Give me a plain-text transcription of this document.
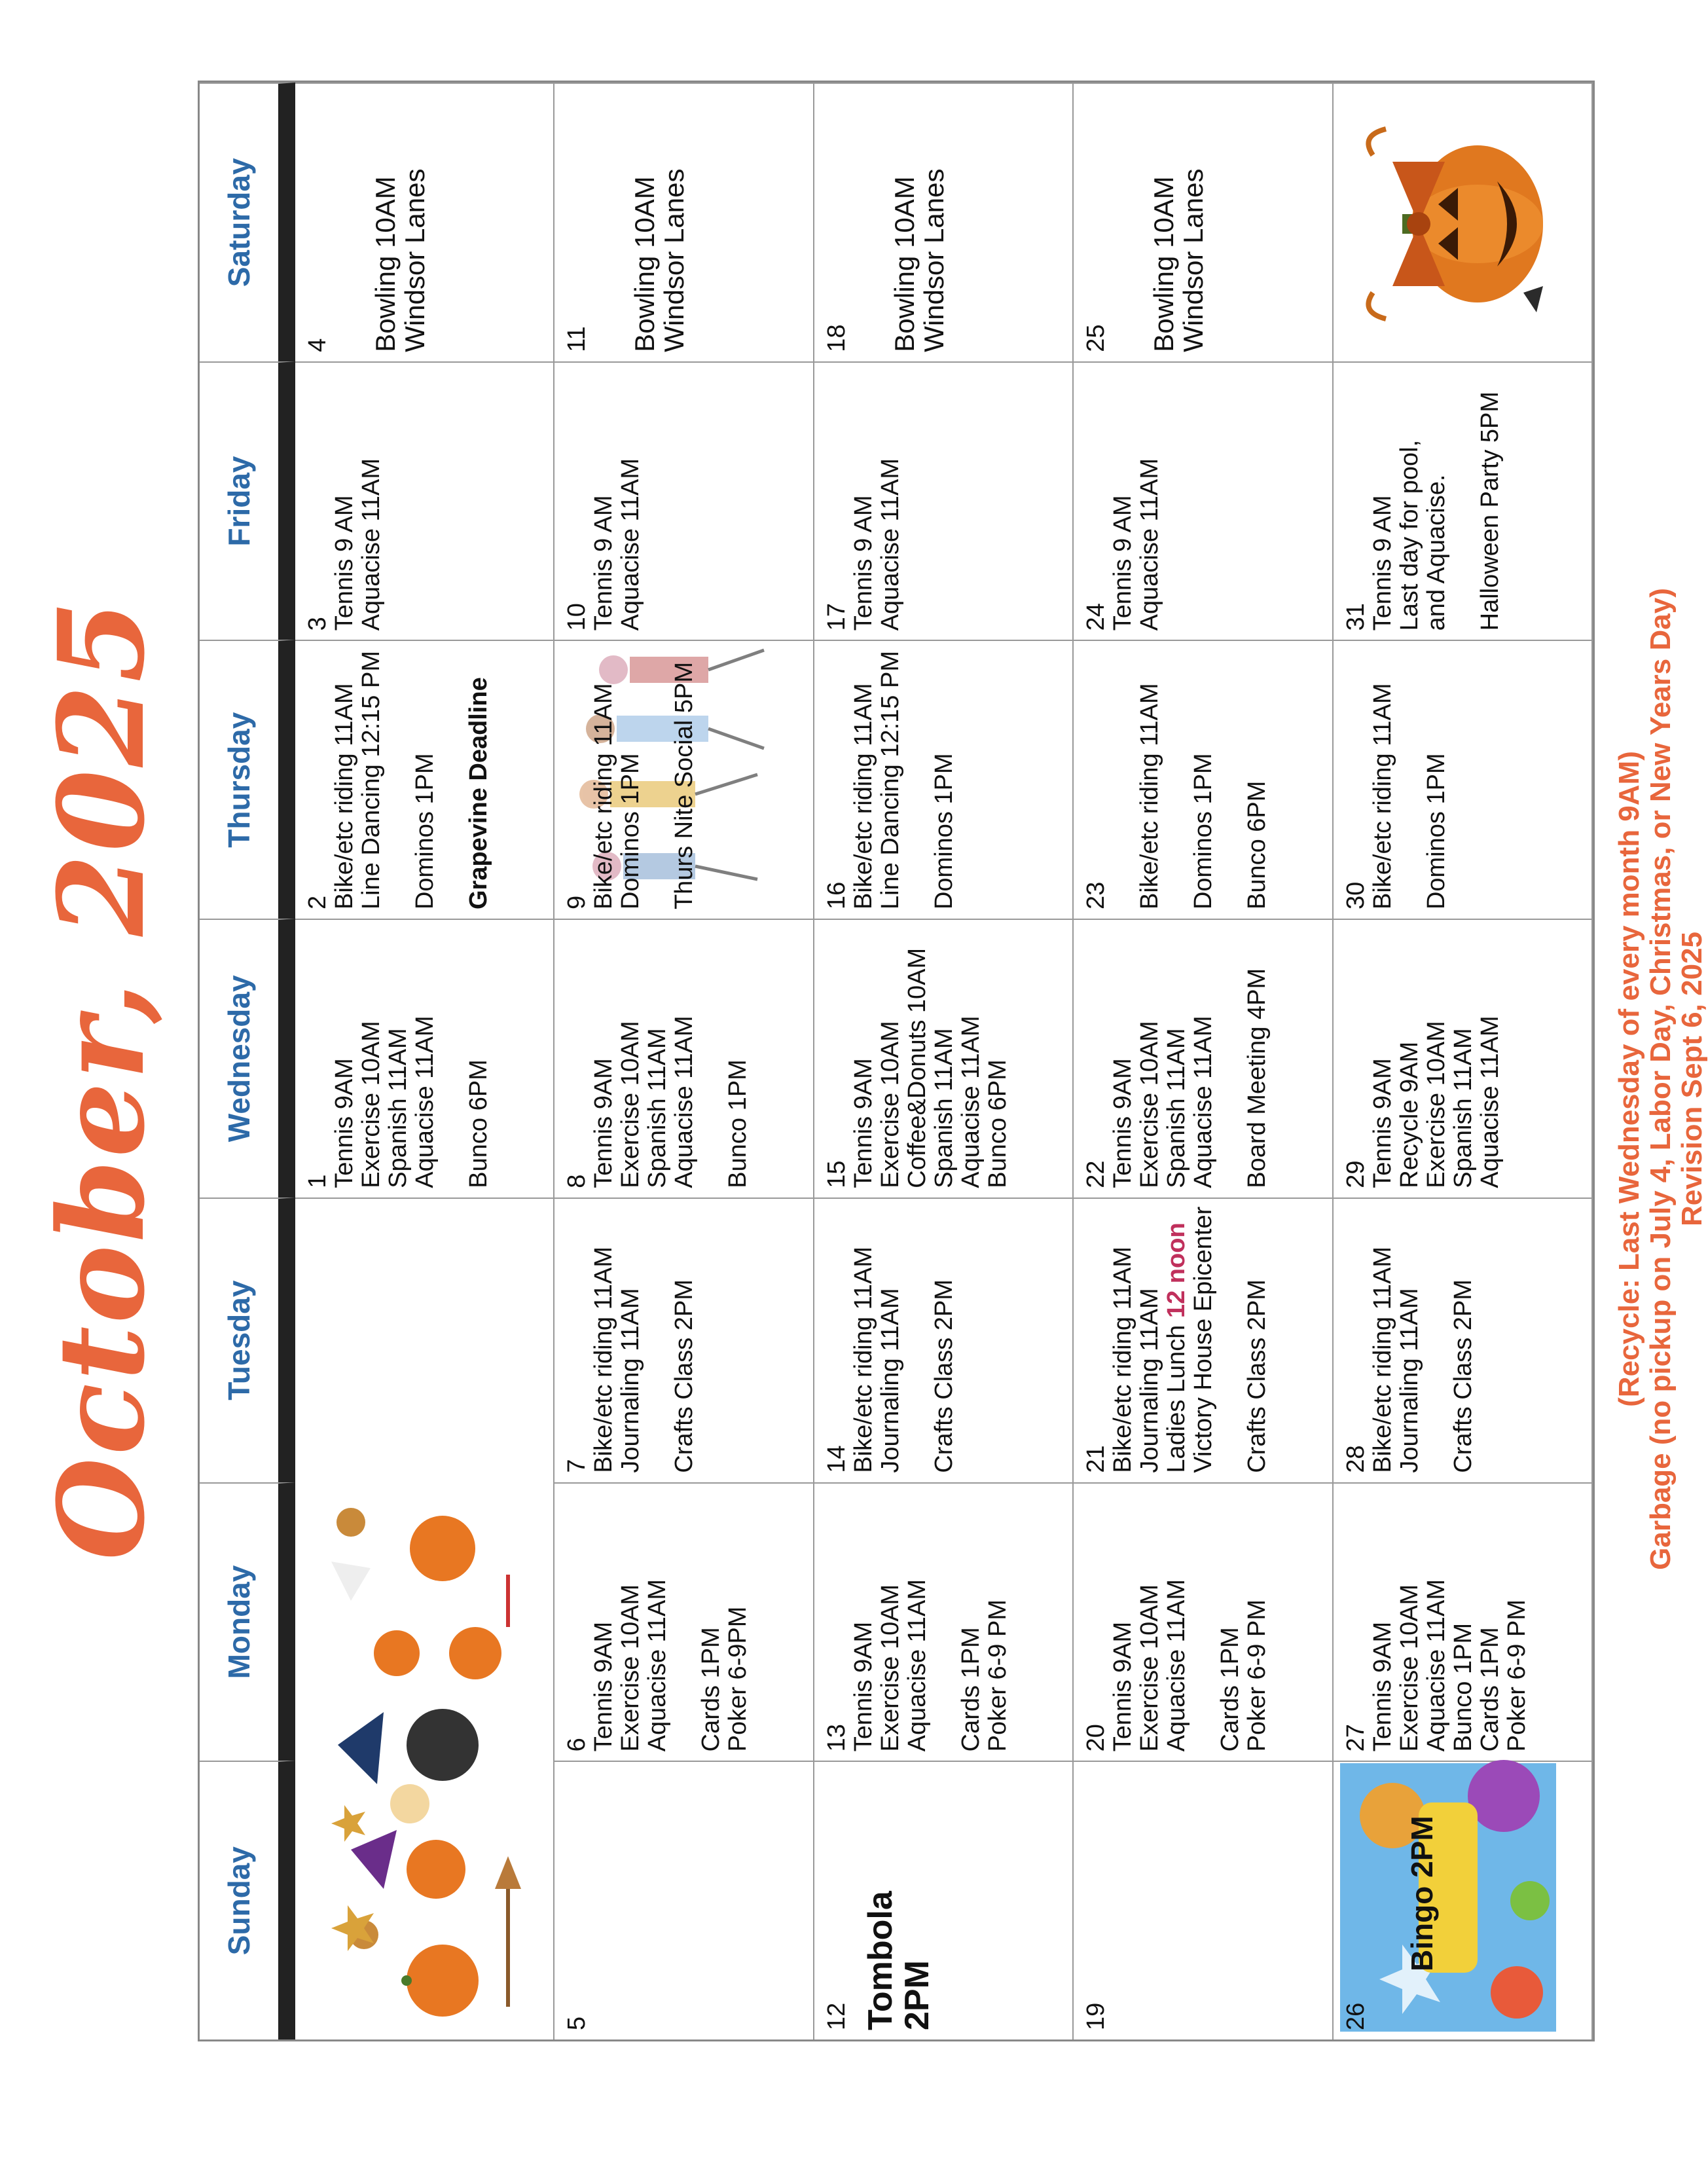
October, 2025
Sunday
Monday
Tuesday
Wednesday
Thursday
Friday
Saturday
1 Tennis 9AM Exercise 10AM Spanish 11AM Aquacise 11AM Bunco 6PM
2 Bike/etc riding 11AM Line Dancing 12:15 PM Dominos 1PM Grapevine Deadline
3 Tennis 9 AM Aquacise 11AM
4 Bowling 10AM
Windsor Lanes
5
6 Tennis 9AM Exercise 10AM Aquacise 11AM Cards 1PM Poker 6-9PM
7 Bike/etc riding 11AM Journaling 11AM Crafts Class 2PM
8 Tennis 9AM Exercise 10AM Spanish 11AM Aquacise 11AM Bunco 1PM
9 Bike/etc riding 11AM Dominos 1PM Thurs Nite Social 5PM
10 Tennis 9 AM Aquacise 11AM
11 Bowling 10AM
Windsor Lanes
12 Tombola
2PM
13 Tennis 9AM Exercise 10AM Aquacise 11AM Cards 1PM Poker 6-9 PM
14 Bike/etc riding 11AM Journaling 11AM Crafts Class 2PM
15 Tennis 9AM Exercise 10AM Coffee&Donuts 10AM Spanish 11AM Aquacise 11AM Bunco 6PM
16 Bike/etc riding 11AM Line Dancing 12:15 PM Dominos 1PM
17 Tennis 9 AM Aquacise 11AM
18 Bowling 10AM
Windsor Lanes
19
20 Tennis 9AM Exercise 10AM Aquacise 11AM Cards 1PM Poker 6-9 PM
21 Bike/etc riding 11AM Journaling 11AM Ladies Lunch 12 noon Victory House Epicenter Crafts Class 2PM
22 Tennis 9AM Exercise 10AM Spanish 11AM Aquacise 11AM Board Meeting 4PM
23 Bike/etc riding 11AM Dominos 1PM Bunco 6PM
24 Tennis 9 AM Aquacise 11AM
25 Bowling 10AM
Windsor Lanes
26
Bingo 2PM
27 Tennis 9AM Exercise 10AM Aquacise 11AM Bunco 1PM Cards 1PM Poker 6-9 PM
28 Bike/etc riding 11AM Journaling 11AM Crafts Class 2PM
29 Tennis 9AM Recycle 9AM Exercise 10AM Spanish 11AM Aquacise 11AM
30 Bike/etc riding 11AM Dominos 1PM
31 Tennis 9 AM Last day for pool, and Aquacise. Halloween Party 5PM
(Recycle: Last Wednesday of every month 9AM) Garbage (no pickup on July 4, Labor Day, Christmas, or New Years Day) Revision Sept 6, 2025
